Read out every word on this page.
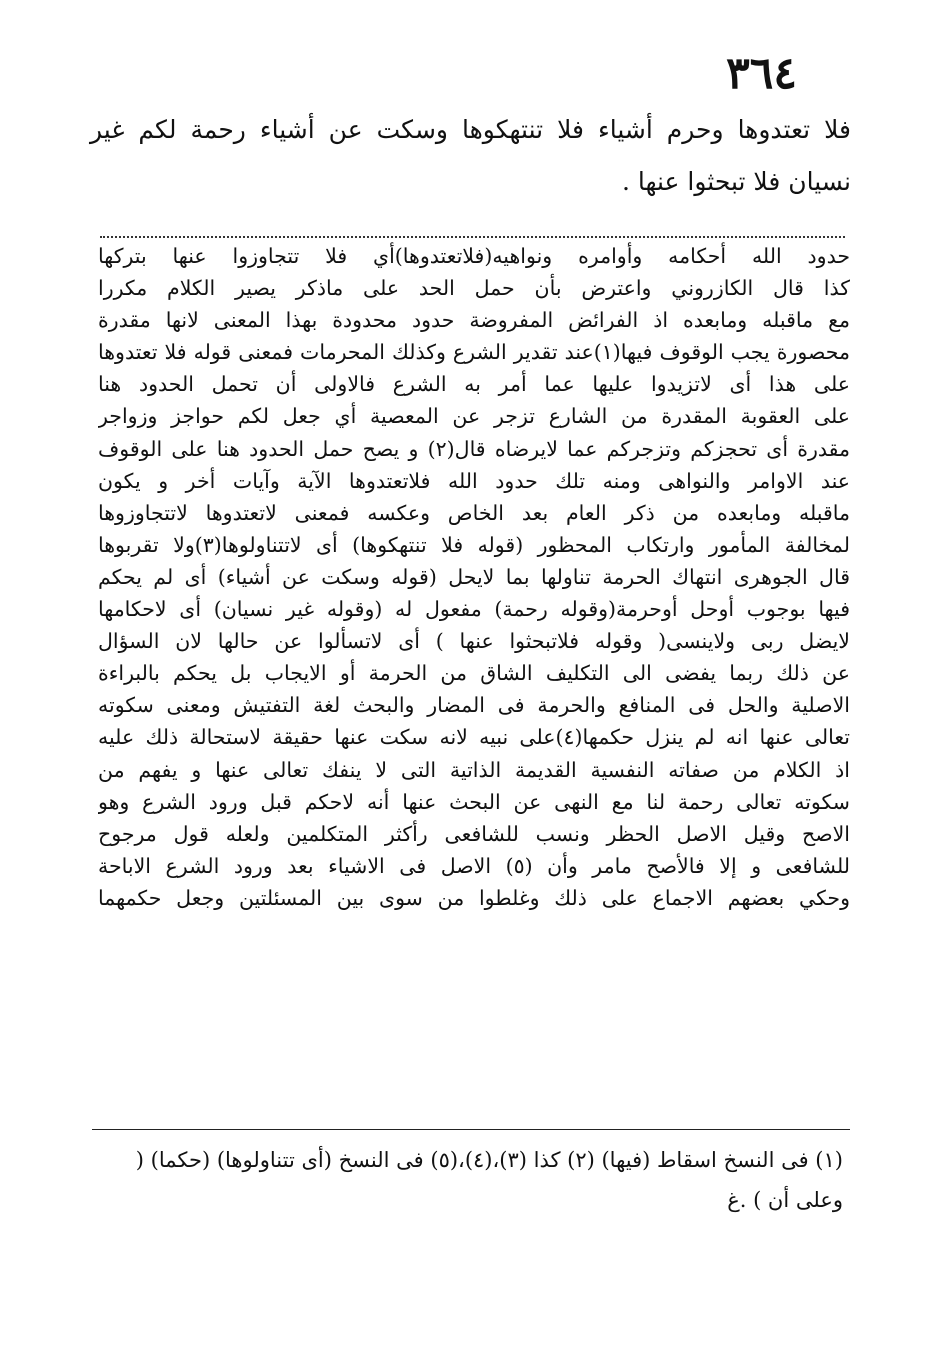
٣٦٤
فلا تعتدوها وحرم أشياء فلا تنتهكوها وسكت عن أشياء رحمة لكم غير نسيان فلا تبحثوا عنها .
حدود الله أحكامه وأوامره ونواهيه(فلاتعتدوها)أي فلا تتجاوزوا عنها بتركها
كذا قال الكازروني واعترض بأن حمل الحد على ماذكر يصير الكلام مكررا
مع ماقبله ومابعده اذ الفرائض المفروضة حدود محدودة بهذا المعنى لانها مقدرة
محصورة يجب الوقوف فيها(١)عند تقدير الشرع وكذلك المحرمات فمعنى قوله فلا تعتدوها
على هذا أى لاتزيدوا عليها عما أمر به الشرع فالاولى أن تحمل الحدود هنا
على العقوبة المقدرة من الشارع تزجر عن المعصية أي جعل لكم حواجز وزواجر
مقدرة أى تحجزكم وتزجركم عما لايرضاه قال(٢) و يصح حمل الحدود هنا على الوقوف
عند الاوامر والنواهى ومنه تلك حدود الله فلاتعتدوها الآية وآيات أخر و يكون
ماقبله ومابعده من ذكر العام بعد الخاص وعكسه فمعنى لاتعتدوها لاتتجاوزوها
لمخالفة المأمور وارتكاب المحظور (قوله فلا تنتهكوها) أى لاتتناولوها(٣)ولا تقربوها
قال الجوهرى انتهاك الحرمة تناولها بما لايحل (قوله وسكت عن أشياء) أى لم يحكم
فيها بوجوب أوحل أوحرمة(وقوله رحمة) مفعول له (وقوله غير نسيان) أى لاحكامها
لايضل ربى ولاينسى( وقوله فلاتبحثوا عنها ) أى لاتسألوا عن حالها لان السؤال
عن ذلك ربما يفضى الى التكليف الشاق من الحرمة أو الايجاب بل يحكم بالبراءة
الاصلية والحل فى المنافع والحرمة فى المضار والبحث لغة التفتيش ومعنى سكوته
تعالى عنها انه لم ينزل حكمها(٤)على نبيه لانه سكت عنها حقيقة لاستحالة ذلك عليه
اذ الكلام من صفاته النفسية القديمة الذاتية التى لا ينفك تعالى عنها و يفهم من
سكوته تعالى رحمة لنا مع النهى عن البحث عنها أنه لاحكم قبل ورود الشرع وهو
الاصح وقيل الاصل الحظر ونسب للشافعى رأكثر المتكلمين ولعله قول مرجوح
للشافعى و إلا فالأصح مامر وأن (٥) الاصل فى الاشياء بعد ورود الشرع الاباحة
وحكي بعضهم الاجماع على ذلك وغلطوا من سوى بين المسئلتين وجعل حكمهما
(١) فى النسخ اسقاط (فيها) (٢) كذا (٣)،(٤)،(٥) فى النسخ (أى تتناولوها) (حكما) ( وعلى أن ) .غ
